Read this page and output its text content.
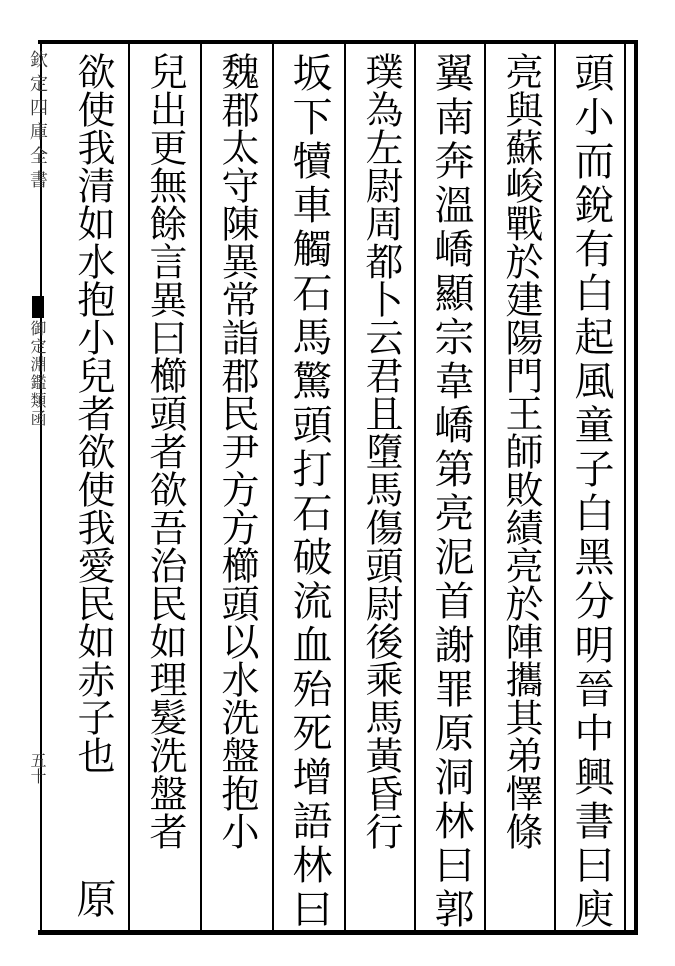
欽定四庫全書
御定淵鑑類函
五十
頭小而銳有白起風童子白黑分明
晉中興書曰庾
亮與蘇峻戰於建陽門王師敗績亮於陣攜其弟懌條
翼南奔溫嶠顯宗韋嶠第亮泥首謝罪
原洞林曰郭
璞為左尉周都卜云君且墮馬傷頭尉後乘馬黃昏行
坂下犢車觸石馬驚頭打石破流血殆死
增語林曰
魏郡太守陳異常詣郡民尹方方櫛頭以水洗盤抱小
兒出更無餘言異曰櫛頭者欲吾治民如理髮洗盤者
欲使我清如水抱小兒者欲使我愛民如赤子也
原
